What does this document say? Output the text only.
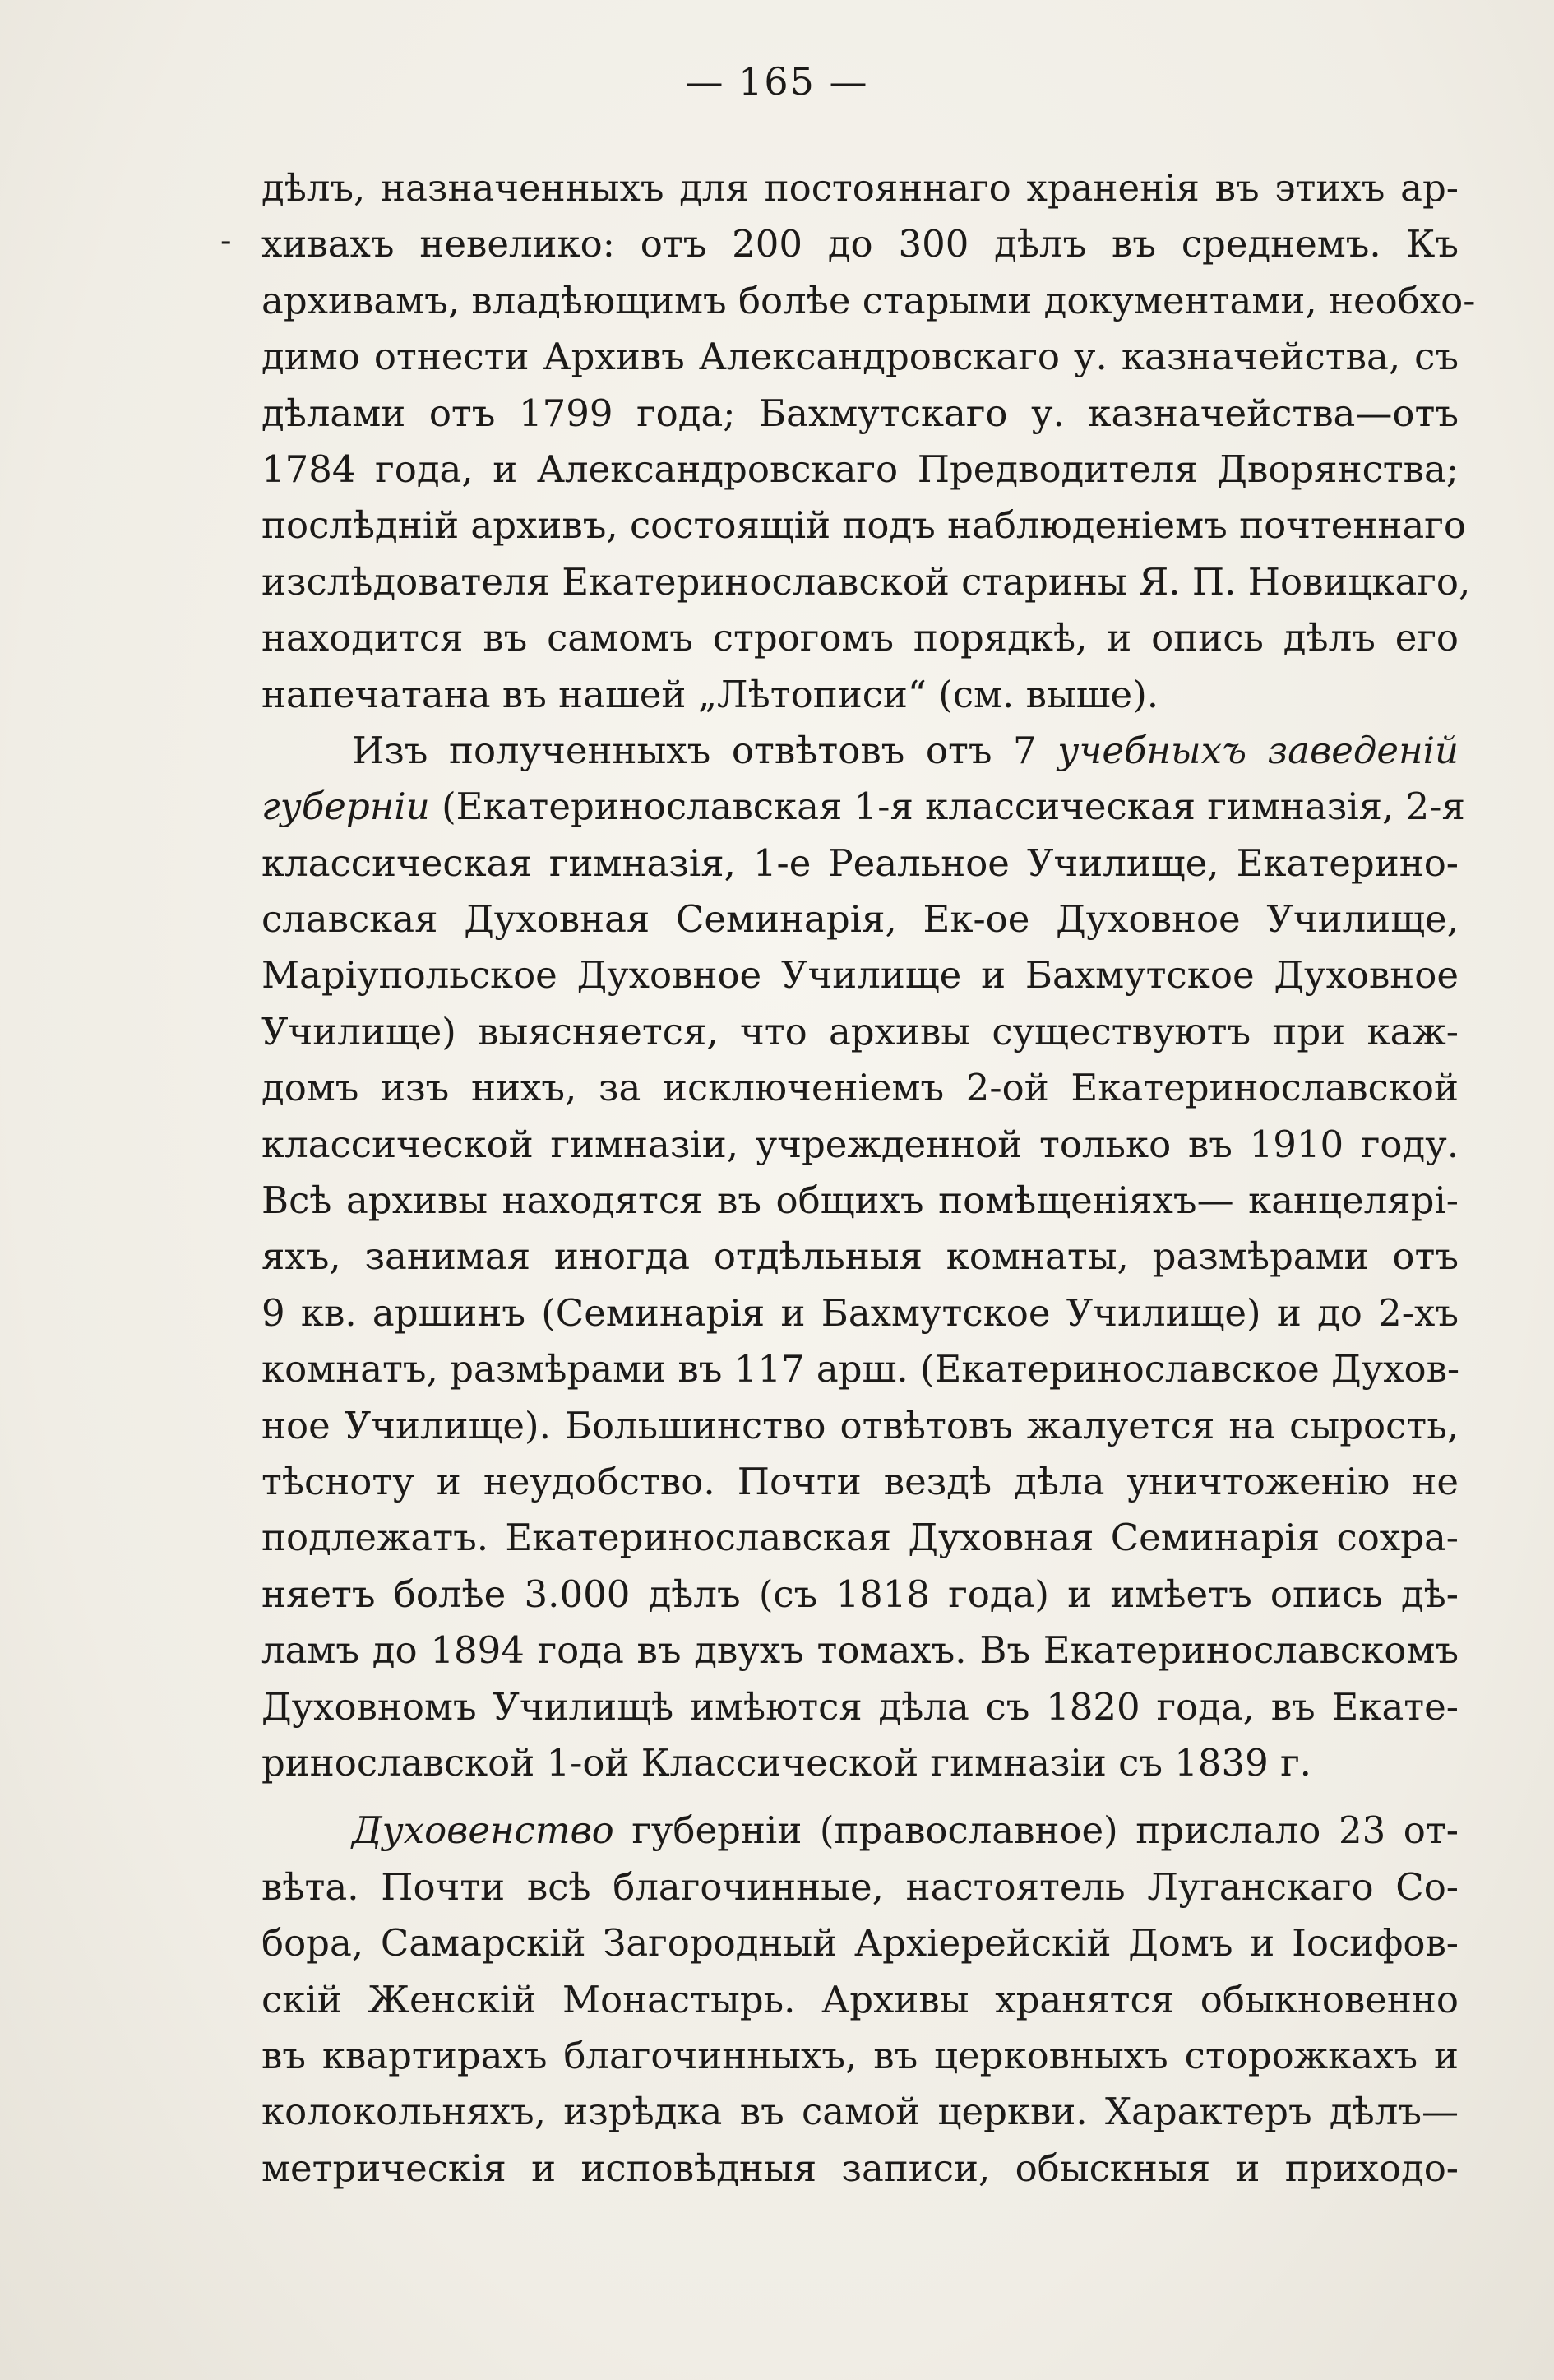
— 165 —
-
дѣлъ, назначенныхъ для постояннаго храненія въ этихъ ар-
хивахъ невелико: отъ 200 до 300 дѣлъ въ среднемъ. Къ
архивамъ, владѣющимъ болѣе старыми документами, необхо-
димо отнести Архивъ Александровскаго у. казначейства, съ
дѣлами отъ 1799 года; Бахмутскаго у. казначейства—отъ
1784 года, и Александровскаго Предводителя Дворянства;
послѣдній архивъ, состоящій подъ наблюденіемъ почтеннаго
изслѣдователя Екатеринославской старины Я. П. Новицкаго,
находится въ самомъ строгомъ порядкѣ, и опись дѣлъ его
напечатана въ нашей „Лѣтописи“ (см. выше).
Изъ полученныхъ отвѣтовъ отъ 7 учебныхъ заведеній
губерніи (Екатеринославская 1-я классическая гимназія, 2-я
классическая гимназія, 1-е Реальное Училище, Екатерино-
славская Духовная Семинарія, Ек-ое Духовное Училище,
Маріупольское Духовное Училище и Бахмутское Духовное
Училище) выясняется, что архивы существуютъ при каж-
домъ изъ нихъ, за исключеніемъ 2-ой Екатеринославской
классической гимназіи, учрежденной только въ 1910 году.
Всѣ архивы находятся въ общихъ помѣщеніяхъ— канцелярі-
яхъ, занимая иногда отдѣльныя комнаты, размѣрами отъ
9 кв. аршинъ (Семинарія и Бахмутское Училище) и до 2-хъ
комнатъ, размѣрами въ 117 арш. (Екатеринославское Духов-
ное Училище). Большинство отвѣтовъ жалуется на сырость,
тѣсноту и неудобство. Почти вездѣ дѣла уничтоженію не
подлежатъ. Екатеринославская Духовная Семинарія сохра-
няетъ болѣе 3.000 дѣлъ (съ 1818 года) и имѣетъ опись дѣ-
ламъ до 1894 года въ двухъ томахъ. Въ Екатеринославскомъ
Духовномъ Училищѣ имѣются дѣла съ 1820 года, въ Екате-
ринославской 1-ой Классической гимназіи съ 1839 г.
Духовенство губерніи (православное) прислало 23 от-
вѣта. Почти всѣ благочинные, настоятель Луганскаго Со-
бора, Самарскій Загородный Архіерейскій Домъ и Іосифов-
скій Женскій Монастырь. Архивы хранятся обыкновенно
въ квартирахъ благочинныхъ, въ церковныхъ сторожкахъ и
колокольняхъ, изрѣдка въ самой церкви. Характеръ дѣлъ—
метрическія и исповѣдныя записи, обыскныя и приходо-
